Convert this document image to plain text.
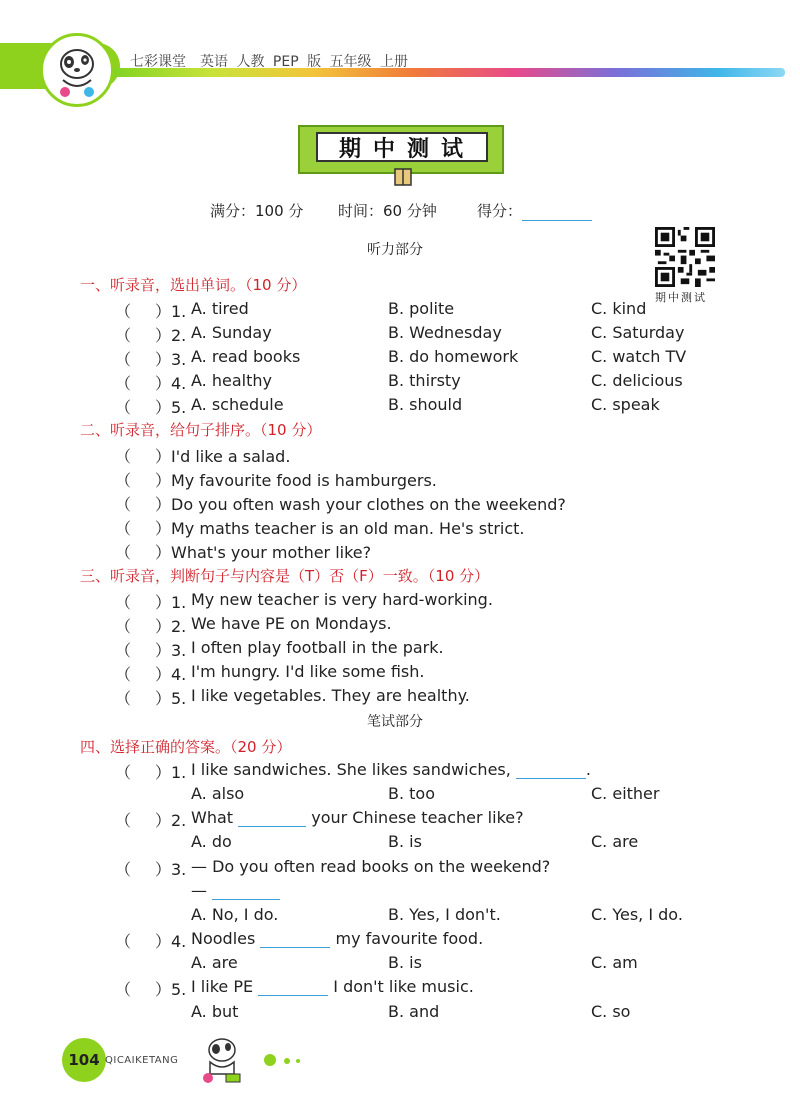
七彩课堂　英语 人教 PEP 版 五年级 上册
期中测试
满分：100 分 时间：60 分钟	得分：
听力部分
期中测试
一、听录音，选出单词。（10 分）
（ ）1. A. tired	B. polite	C. kind
（ ）2. A. Sunday	B. Wednesday	C. Saturday
（ ）3. A. read books	B. do homework	C. watch TV
（ ）4. A. healthy	B. thirsty	C. delicious
（ ）5. A. schedule	B. should	C. speak
二、听录音，给句子排序。（10 分）
（ ）I'd like a salad.
（ ）My favourite food is hamburgers.
（ ）Do you often wash your clothes on the weekend?
（ ）My maths teacher is an old man. He's strict.
（ ）What's your mother like?
三、听录音，判断句子与内容是（T）否（F）一致。（10 分）
（ ）1. My new teacher is very hard-working.
（ ）2. We have PE on Mondays.
（ ）3. I often play football in the park.
（ ）4. I'm hungry. I'd like some fish.
（ ）5. I like vegetables. They are healthy.
笔试部分
四、选择正确的答案。（20 分）
（ ）1. I like sandwiches. She likes sandwiches,	.
A. also	B. too	C. either
（ ）2. What	your Chinese teacher like?
A. do	B. is	C. are
（ ）3. — Do you often read books on the weekend?
—
A. No, I do.	B. Yes, I don't.	C. Yes, I do.
（ ）4. Noodles	my favourite food.
A. are	B. is	C. am
（ ）5. I like PE	I don't like music.
A. but	B. and	C. so
104 QICAIKETANG
